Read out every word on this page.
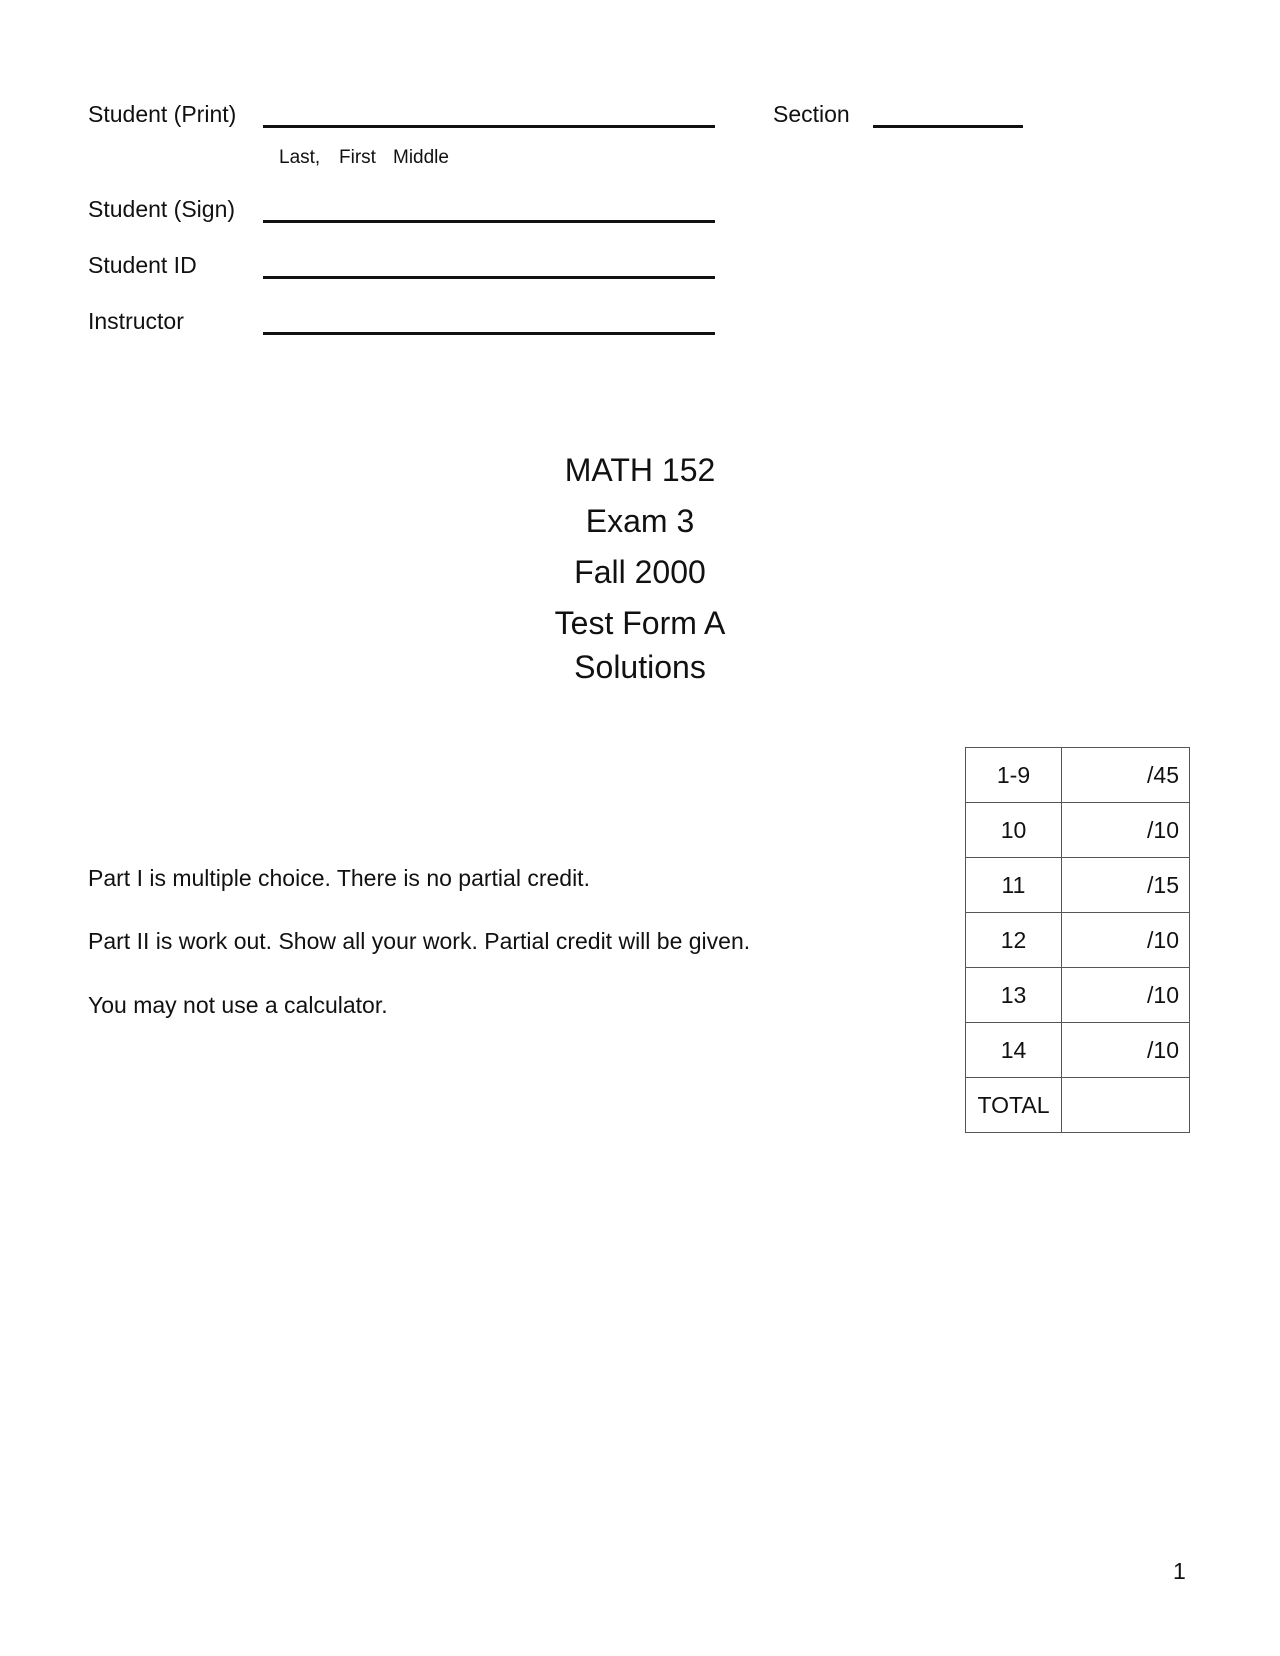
Student (Print)	Section
Last, First Middle
Student (Sign)
Student ID
Instructor
MATH 152
Exam 3
Fall 2000
Test Form A
Solutions
Part I is multiple choice. There is no partial credit.
Part II is work out. Show all your work. Partial credit will be given.
You may not use a calculator.
1-9	/45
10	/10
11	/15
12	/10
13	/10
14	/10
TOTAL	
1
